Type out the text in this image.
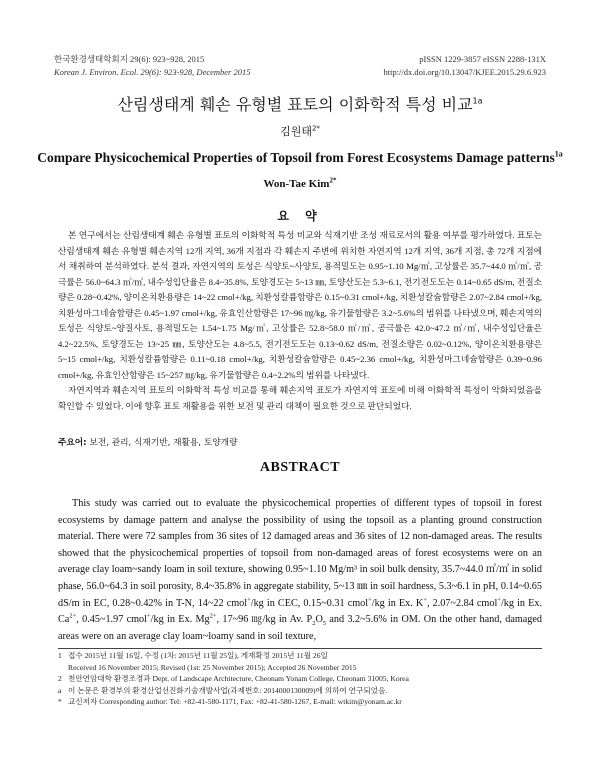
한국환경생태학회지 29(6): 923~928, 2015
Korean J. Environ. Ecol. 29(6): 923-928, December 2015
pISSN 1229-3857 eISSN 2288-131X
http://dx.doi.org/10.13047/KJEE.2015.29.6.923
산림생태계 훼손 유형별 표토의 이화학적 특성 비교$^{1a}$
김원태$^{2*}$
Compare Physicochemical Properties of Topsoil from Forest Ecosystems Damage patterns$^{1a}$
Won-Tae Kim$^{2*}$
요 약
본 연구에서는 산림생태계 훼손 유형별 표토의 이화학적 특성 비교와 식재기반 조성 재료로서의 활용 여부를 평가하였다. 표토는 산림생태계 훼손 유형별 훼손지역 12개 지역, 36개 지점과 각 훼손지 주변에 위치한 자연지역 12개 지역, 36개 지점, 총 72개 지점에서 채취하여 분석하였다. 분석 결과, 자연지역의 토성은 식양토~사양토, 용적밀도는 0.95~1.10 Mg/㎥, 고상률은 35.7~44.0 ㎥/㎥, 공극률은 56.0~64.3 ㎥/㎥, 내수성입단율은 8.4~35.8%, 토양경도는 5~13 ㎜, 토양산도는 5.3~6.1, 전기전도도는 0.14~0.65 dS/m, 전질소량은 0.28~0.42%, 양이온치환용량은 14~22 cmol+/kg, 치환성칼륨함량은 0.15~0.31 cmol+/kg, 치환성칼슘함량은 2.07~2.84 cmol+/kg, 치환성마그네슘함량은 0.45~1.97 cmol+/kg, 유효인산함량은 17~96 ㎎/kg, 유기물함량은 3.2~5.6%의 범위를 나타냈으며, 훼손지역의 토성은 식양토~양질사토, 용적밀도는 1.54~1.75 Mg/㎥, 고상률은 52.8~58.0 ㎥/㎥, 공극률은 42.0~47.2 ㎥/㎥, 내수성입단율은 4.2~22.5%, 토양경도는 13~25 ㎜, 토양산도는 4.8~5.5, 전기전도도는 0.13~0.62 dS/m, 전질소량은 0.02~0.12%, 양이온치환용량은 5~15 cmol+/kg, 치환성칼륨함량은 0.11~0.18 cmol+/kg, 치환성칼슘함량은 0.45~2.36 cmol+/kg, 치환성마그네슘함량은 0.39~0.96 cmol+/kg, 유효인산함량은 15~257 ㎎/kg, 유기물함량은 0.4~2.2%의 범위를 나타냈다.
자연지역과 훼손지역 표토의 이화학적 특성 비교를 통해 훼손지역 표토가 자연지역 표토에 비해 이화학적 특성이 악화되었음을 확인할 수 있었다. 이에 향후 표토 재활용을 위한 보전 및 관리 대책이 필요한 것으로 판단되었다.
주요어: 보전, 관리, 식재기반, 재활용, 토양개량
ABSTRACT
This study was carried out to evaluate the physicochemical properties of different types of topsoil in forest ecosystems by damage pattern and analyse the possibility of using the topsoil as a planting ground construction material. There were 72 samples from 36 sites of 12 damaged areas and 36 sites of 12 non-damaged areas. The results showed that the physicochemical properties of topsoil from non-damaged areas of forest ecosystems were on an average clay loam~sandy loam in soil texture, showing 0.95~1.10 Mg/m³ in soil bulk density, 35.7~44.0 ㎥/㎥ in solid phase, 56.0~64.3 in soil porosity, 8.4~35.8% in aggregate stability, 5~13 ㎜ in soil hardness, 5.3~6.1 in pH, 0.14~0.65 dS/m in EC, 0.28~0.42% in T-N, 14~22 cmol+/kg in CEC, 0.15~0.31 cmol+/kg in Ex. K+, 2.07~2.84 cmol+/kg in Ex. $Ca^{2+}$, 0.45~1.97 cmol+/kg in Ex. $Mg^{2+}$, 17~96 ㎎/kg in Av. $P_2O_5$ and 3.2~5.6% in OM. On the other hand, damaged areas were on an average clay loam~loamy sand in soil texture,
1 접수 2015년 11월 16일, 수정 (1차: 2015년 11월 25일), 게재확정 2015년 11월 26일
Received 16 November 2015; Revised (1st: 25 November 2015); Accepted 26 November 2015
2 천안연암대학 환경조경과 Dept. of Landscape Architecture, Cheonam Yonam College, Cheonam 31005, Korea
a 이 논문은 환경부의 환경산업선진화기술개발사업(과제번호: 2014000130009)에 의하여 연구되었음.
* 교신저자 Corresponding author: Tel: +82-41-580-1171, Fax: +82-41-580-1267, E-mail: wtkim@yonam.ac.kr
